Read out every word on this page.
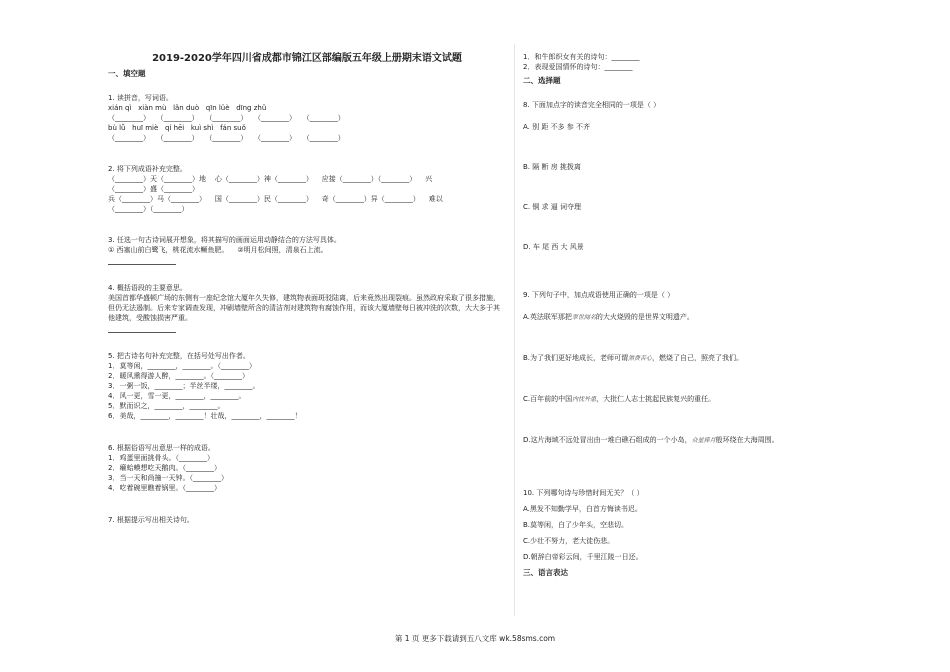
2019-2020学年四川省成都市锦江区部编版五年级上册期末语文试题
一、填空题
1. 读拼音，写词语。
xián qì   xiàn mù   lǎn duò   qīn lüè   dīng zhǔ
（________）   （________）   （________）   （________）   （________）
bù lǚ   huī miè   qí hēi   kuì shì   fán suǒ
（________）   （________）   （________）   （________）   （________）
2. 将下列成语补充完整。
（________）天（________）地    心（________）神（________）    应接（________）（________）    兴
（________）盛（________）
兵（________）马（________）    国（________）民（________）    奇（________）异（________）    难以
（________）（________）
3. 任选一句古诗词展开想象，将其描写的画面运用动静结合的方法写具体。
① 西塞山前白鹭飞，桃花流水鳜鱼肥。    ②明月松间照，清泉石上流。
4. 概括语段的主要意思。
美国首都华盛顿广场的东侧有一座纪念馆大厦年久失修，建筑物表面斑驳陆离，后来竟然出现裂痕。虽然政府采取了很多措施，但仍无法遏制。后来专家调查发现，冲刷墙壁所含的清洁剂对建筑物有腐蚀作用，而该大厦墙壁每日被冲洗的次数，大大多于其他建筑，受酸蚀损害严重。
5. 把古诗名句补充完整，在括号处写出作者。
1．莫等闲，________，________。（________）
2．暖风熏得游人醉，________。（________）
3．一粥一饭，________；半丝半缕，________。
4．风一更，雪一更，________，________。
5．默而识之，________，________。
6．美哉，________，________！壮哉，________，________！
6. 根据俗语写出意思一样的成语。
1．鸡蛋里面挑骨头。（________）
2．癞蛤蟆想吃天鹅肉。（________）
3．当一天和尚撞一天钟。（________）
4．吃着碗里瞧着锅里。（________）
7. 根据提示写出相关诗句。
1．和牛郎织女有关的诗句：________
2．表现爱国情怀的诗句：________
二、选择题
8. 下面加点字的读音完全相同的一项是（ ）
A. 别 距 不多 参 不齐
B. 隔 断 房 挑拨离
C. 铜 求 逼 词夺理
D. 车 尾 西 大 风景
9. 下列句子中，加点成语使用正确的一项是（ ）
A.英法联军那把翠世闻名的大火烧毁的是世界文明遗产。
B.为了我们更好地成长，老师可谓煞费苦心，燃烧了自己，照亮了我们。
C.百年前的中国内忧外患，大批仁人志士挑起民族复兴的重任。
D.这片海域不远处冒出由一堆白礁石组成的一个小岛，众星捧月般环绕在大海周围。
10. 下列哪句诗与珍惜时间无关？（ ）
A.黑发不知勤学早，白首方悔读书迟。
B.莫等闲，白了少年头，空悲切。
C.少壮不努力，老大徒伤悲。
D.朝辞白帝彩云间，千里江陵一日还。
三、语言表达
第 1 页 更多下载请到五八文库 wk.58sms.com
